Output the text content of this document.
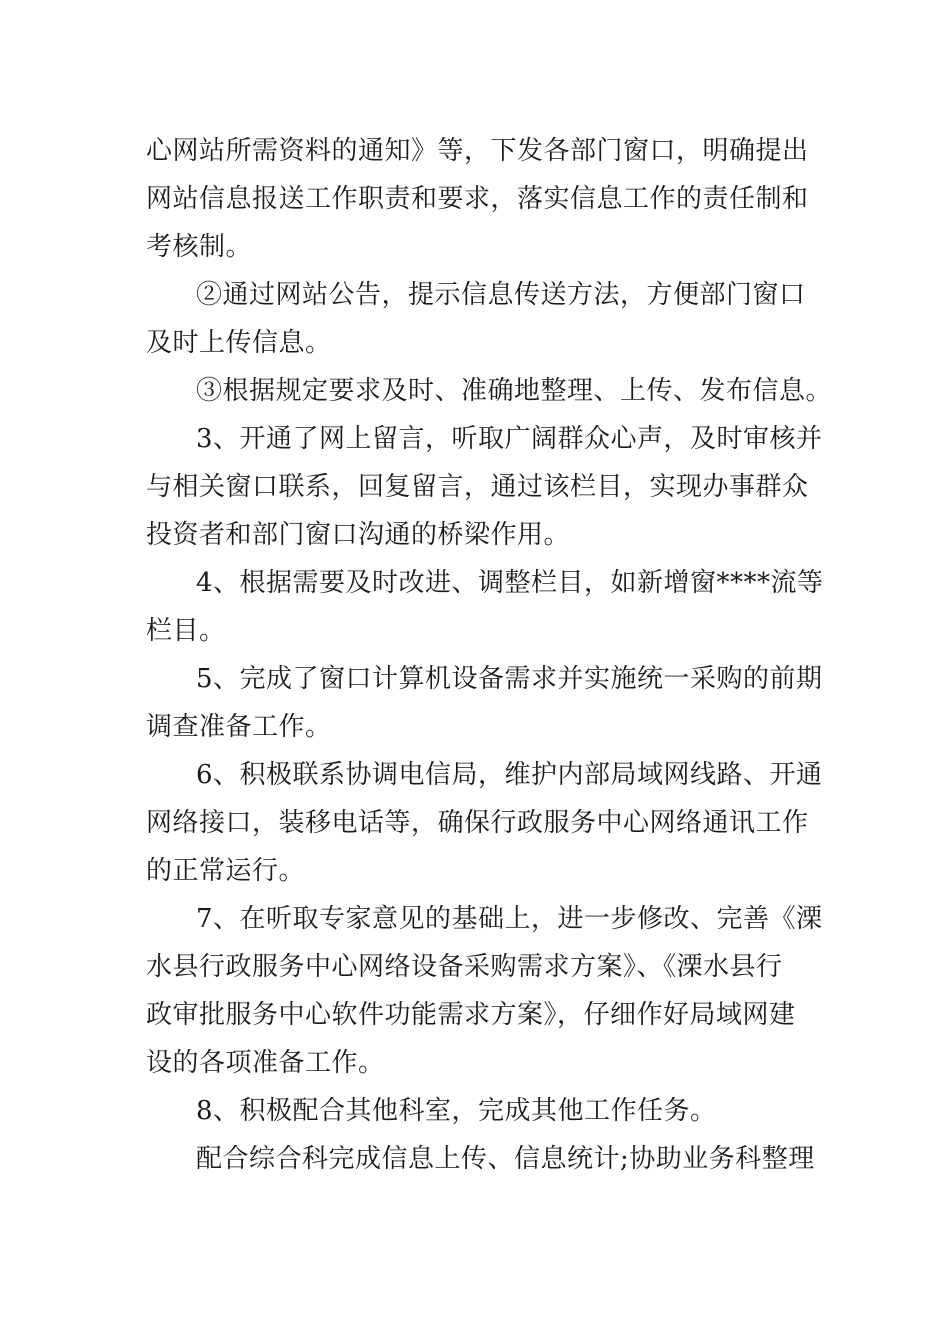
心网站所需资料的通知》等，下发各部门窗口，明确提出
网站信息报送工作职责和要求，落实信息工作的责任制和
考核制。
②通过网站公告，提示信息传送方法，方便部门窗口
及时上传信息。
③根据规定要求及时、准确地整理、上传、发布信息。
3、开通了网上留言，听取广阔群众心声，及时审核并
与相关窗口联系，回复留言，通过该栏目，实现办事群众
投资者和部门窗口沟通的桥梁作用。
4、根据需要及时改进、调整栏目，如新增窗****流等
栏目。
5、完成了窗口计算机设备需求并实施统一采购的前期
调查准备工作。
6、积极联系协调电信局，维护内部局域网线路、开通
网络接口，装移电话等，确保行政服务中心网络通讯工作
的正常运行。
7、在听取专家意见的基础上，进一步修改、完善《溧
水县行政服务中心网络设备采购需求方案》、《溧水县行
政审批服务中心软件功能需求方案》，仔细作好局域网建
设的各项准备工作。
8、积极配合其他科室，完成其他工作任务。
配合综合科完成信息上传、信息统计;协助业务科整理
